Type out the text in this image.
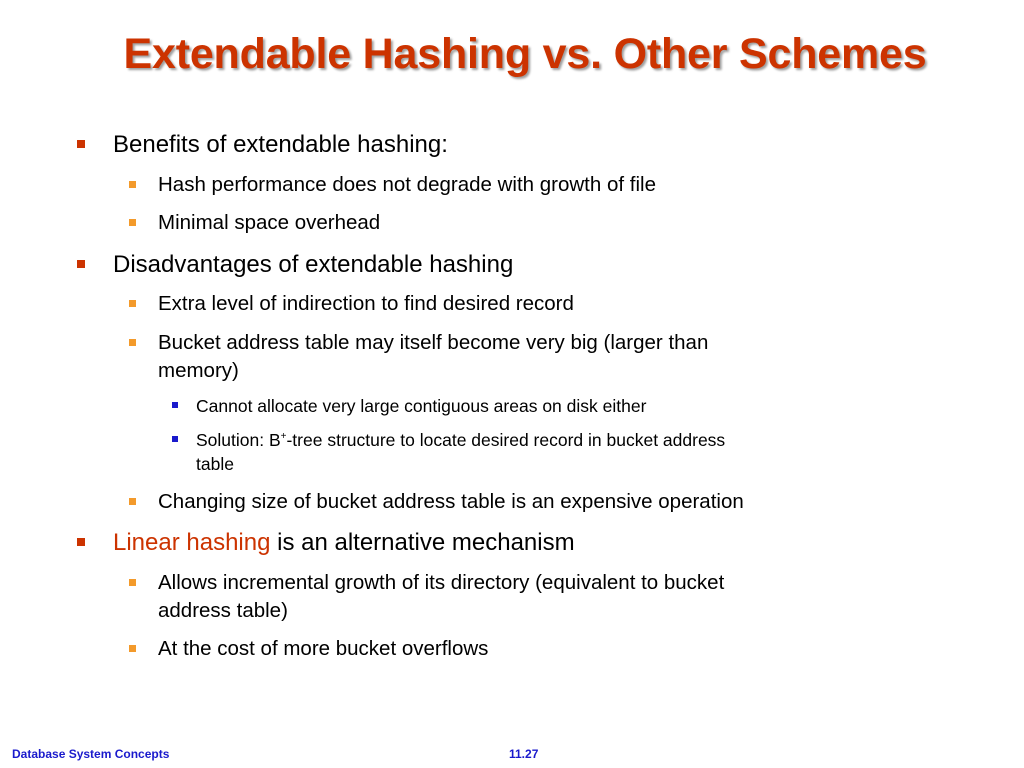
Extendable Hashing vs. Other Schemes
Benefits of extendable hashing:
Hash performance does not degrade with growth of file
Minimal space overhead
Disadvantages of extendable hashing
Extra level of indirection to find desired record
Bucket address table may itself become very big (larger than
memory)
Cannot allocate very large contiguous areas on disk either
Solution: B+-tree structure to locate desired record in bucket address
table
Changing size of bucket address table is an expensive operation
Linear hashing is an alternative mechanism
Allows incremental growth of its directory (equivalent to bucket
address table)
At the cost of more bucket overflows
Database System Concepts	11.27
